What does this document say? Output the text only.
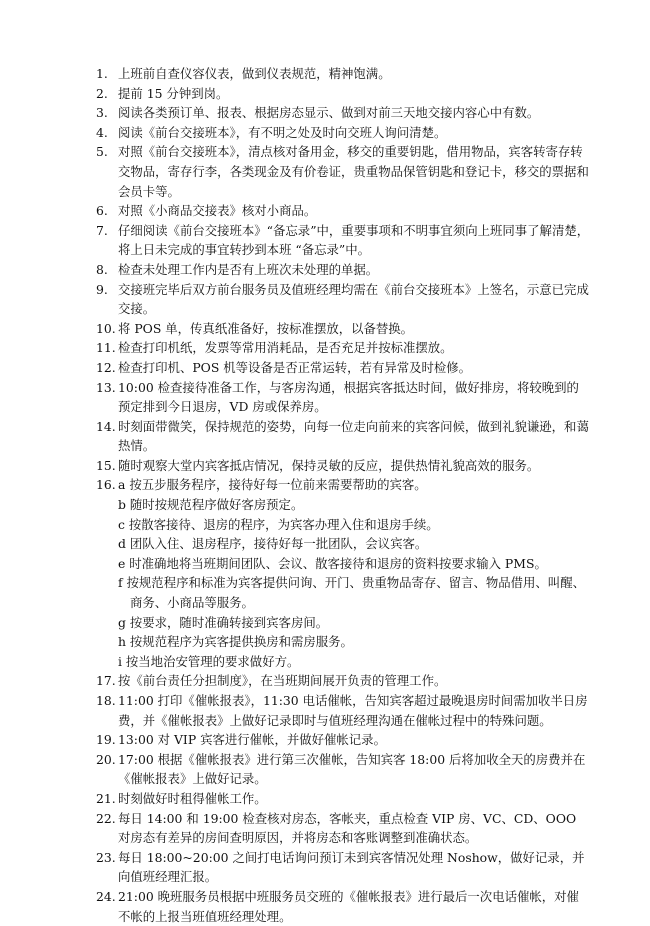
1. 上班前自查仪容仪表，做到仪表规范，精神饱满。
2. 提前 15 分钟到岗。
3. 阅读各类预订单、报表、根据房态显示、做到对前三天地交接内容心中有数。
4. 阅读《前台交接班本》，有不明之处及时向交班人询问清楚。
5. 对照《前台交接班本》，清点核对备用金，移交的重要钥匙，借用物品，宾客转寄存转交物品，寄存行李，各类现金及有价卷证，贵重物品保管钥匙和登记卡，移交的票据和会员卡等。
6. 对照《小商品交接表》核对小商品。
7. 仔细阅读《前台交接班本》“备忘录”中，重要事项和不明事宜须向上班同事了解清楚，将上日未完成的事宜转抄到本班 “备忘录”中。
8. 检查未处理工作内是否有上班次未处理的单据。
9. 交接班完毕后双方前台服务员及值班经理均需在《前台交接班本》上签名，示意已完成交接。
10. 将 POS 单，传真纸准备好，按标准摆放，以备替换。
11. 检查打印机纸，发票等常用消耗品，是否充足并按标准摆放。
12. 检查打印机、POS 机等设备是否正常运转，若有异常及时检修。
13. 10:00 检查接待准备工作，与客房沟通，根据宾客抵达时间，做好排房，将较晚到的预定排到今日退房，VD 房或保养房。
14. 时刻面带微笑，保持规范的姿势，向每一位走向前来的宾客问候，做到礼貌谦逊，和蔼热情。
15. 随时观察大堂内宾客抵店情况，保持灵敏的反应，提供热情礼貌高效的服务。
16. a 按五步服务程序，接待好每一位前来需要帮助的宾客。
b 随时按规范程序做好客房预定。
c 按散客接待、退房的程序，为宾客办理入住和退房手续。
d 团队入住、退房程序，接待好每一批团队，会议宾客。
e 时准确地将当班期间团队、会议、散客接待和退房的资料按要求输入 PMS。
f 按规范程序和标准为宾客提供问询、开门、贵重物品寄存、留言、物品借用、叫醒、商务、小商品等服务。
g 按要求，随时准确转接到宾客房间。
h 按规范程序为宾客提供换房和需房服务。
i 按当地治安管理的要求做好方。
17. 按《前台责任分担制度》，在当班期间展开负责的管理工作。
18. 11:00 打印《催帐报表》，11:30 电话催帐，告知宾客超过最晚退房时间需加收半日房费，并《催帐报表》上做好记录即时与值班经理沟通在催帐过程中的特殊问题。
19. 13:00 对 VIP 宾客进行催帐，并做好催帐记录。
20. 17:00 根据《催帐报表》进行第三次催帐，告知宾客 18:00 后将加收全天的房费并在《催帐报表》上做好记录。
21. 时刻做好时租得催帐工作。
22. 每日 14:00 和 19:00 检查核对房态，客帐夹，重点检查 VIP 房、VC、CD、OOO 对房态有差异的房间查明原因，并将房态和客账调整到准确状态。
23. 每日 18:00~20:00 之间打电话询问预订未到宾客情况处理 Noshow，做好记录，并向值班经理汇报。
24. 21:00 晚班服务员根据中班服务员交班的《催帐报表》进行最后一次电话催帐，对催不帐的上报当班值班经理处理。
